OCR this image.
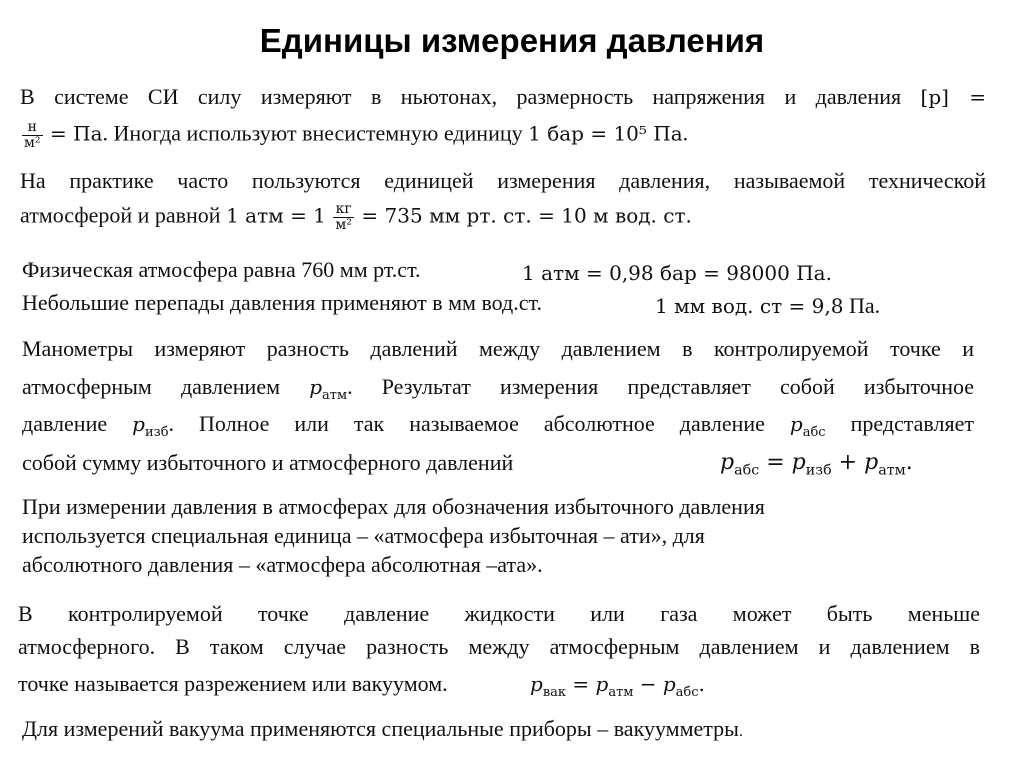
Единицы измерения давления
В системе СИ силу измеряют в ньютонах, размерность напряжения и давления [p] =
$\frac{н}{\text{м²}}$ = Па. Иногда используют внесистемную единицу 1 бар = 10⁵ Па.
На практике часто пользуются единицей измерения давления, называемой технической
атмосферой и равной 1 атм = $1 \frac{кг}{\text{м²}} = 735$ мм рт. ст. = 10 м вод. ст.
Физическая атмосфера равна 760 мм рт.ст.	1 атм = 0,98 бар = 98000 Па.
Небольшие перепады давления применяют в мм вод.ст.	1 мм вод. ст = 9,8 Па.
Манометры измеряют разность давлений между давлением в контролируемой точке и
атмосферным давлением $p_{атм}$. Результат измерения представляет собой избыточное
давление $p_{изб}$. Полное или так называемое абсолютное давление $p_{абс}$ представляет
собой сумму избыточного и атмосферного давлений	$p_{абс} = p_{изб} + p_{атм}$.
При измерении давления в атмосферах для обозначения избыточного давления
используется специальная единица – «атмосфера избыточная – ати», для
абсолютного давления – «атмосфера абсолютная –ата».
В контролируемой точке давление жидкости или газа может быть меньше
атмосферного. В таком случае разность между атмосферным давлением и давлением в
точке называется разрежением или вакуумом.	$p_{вак} = p_{атм} - p_{абс}$.
Для измерений вакуума применяются специальные приборы – вакуумметры.
